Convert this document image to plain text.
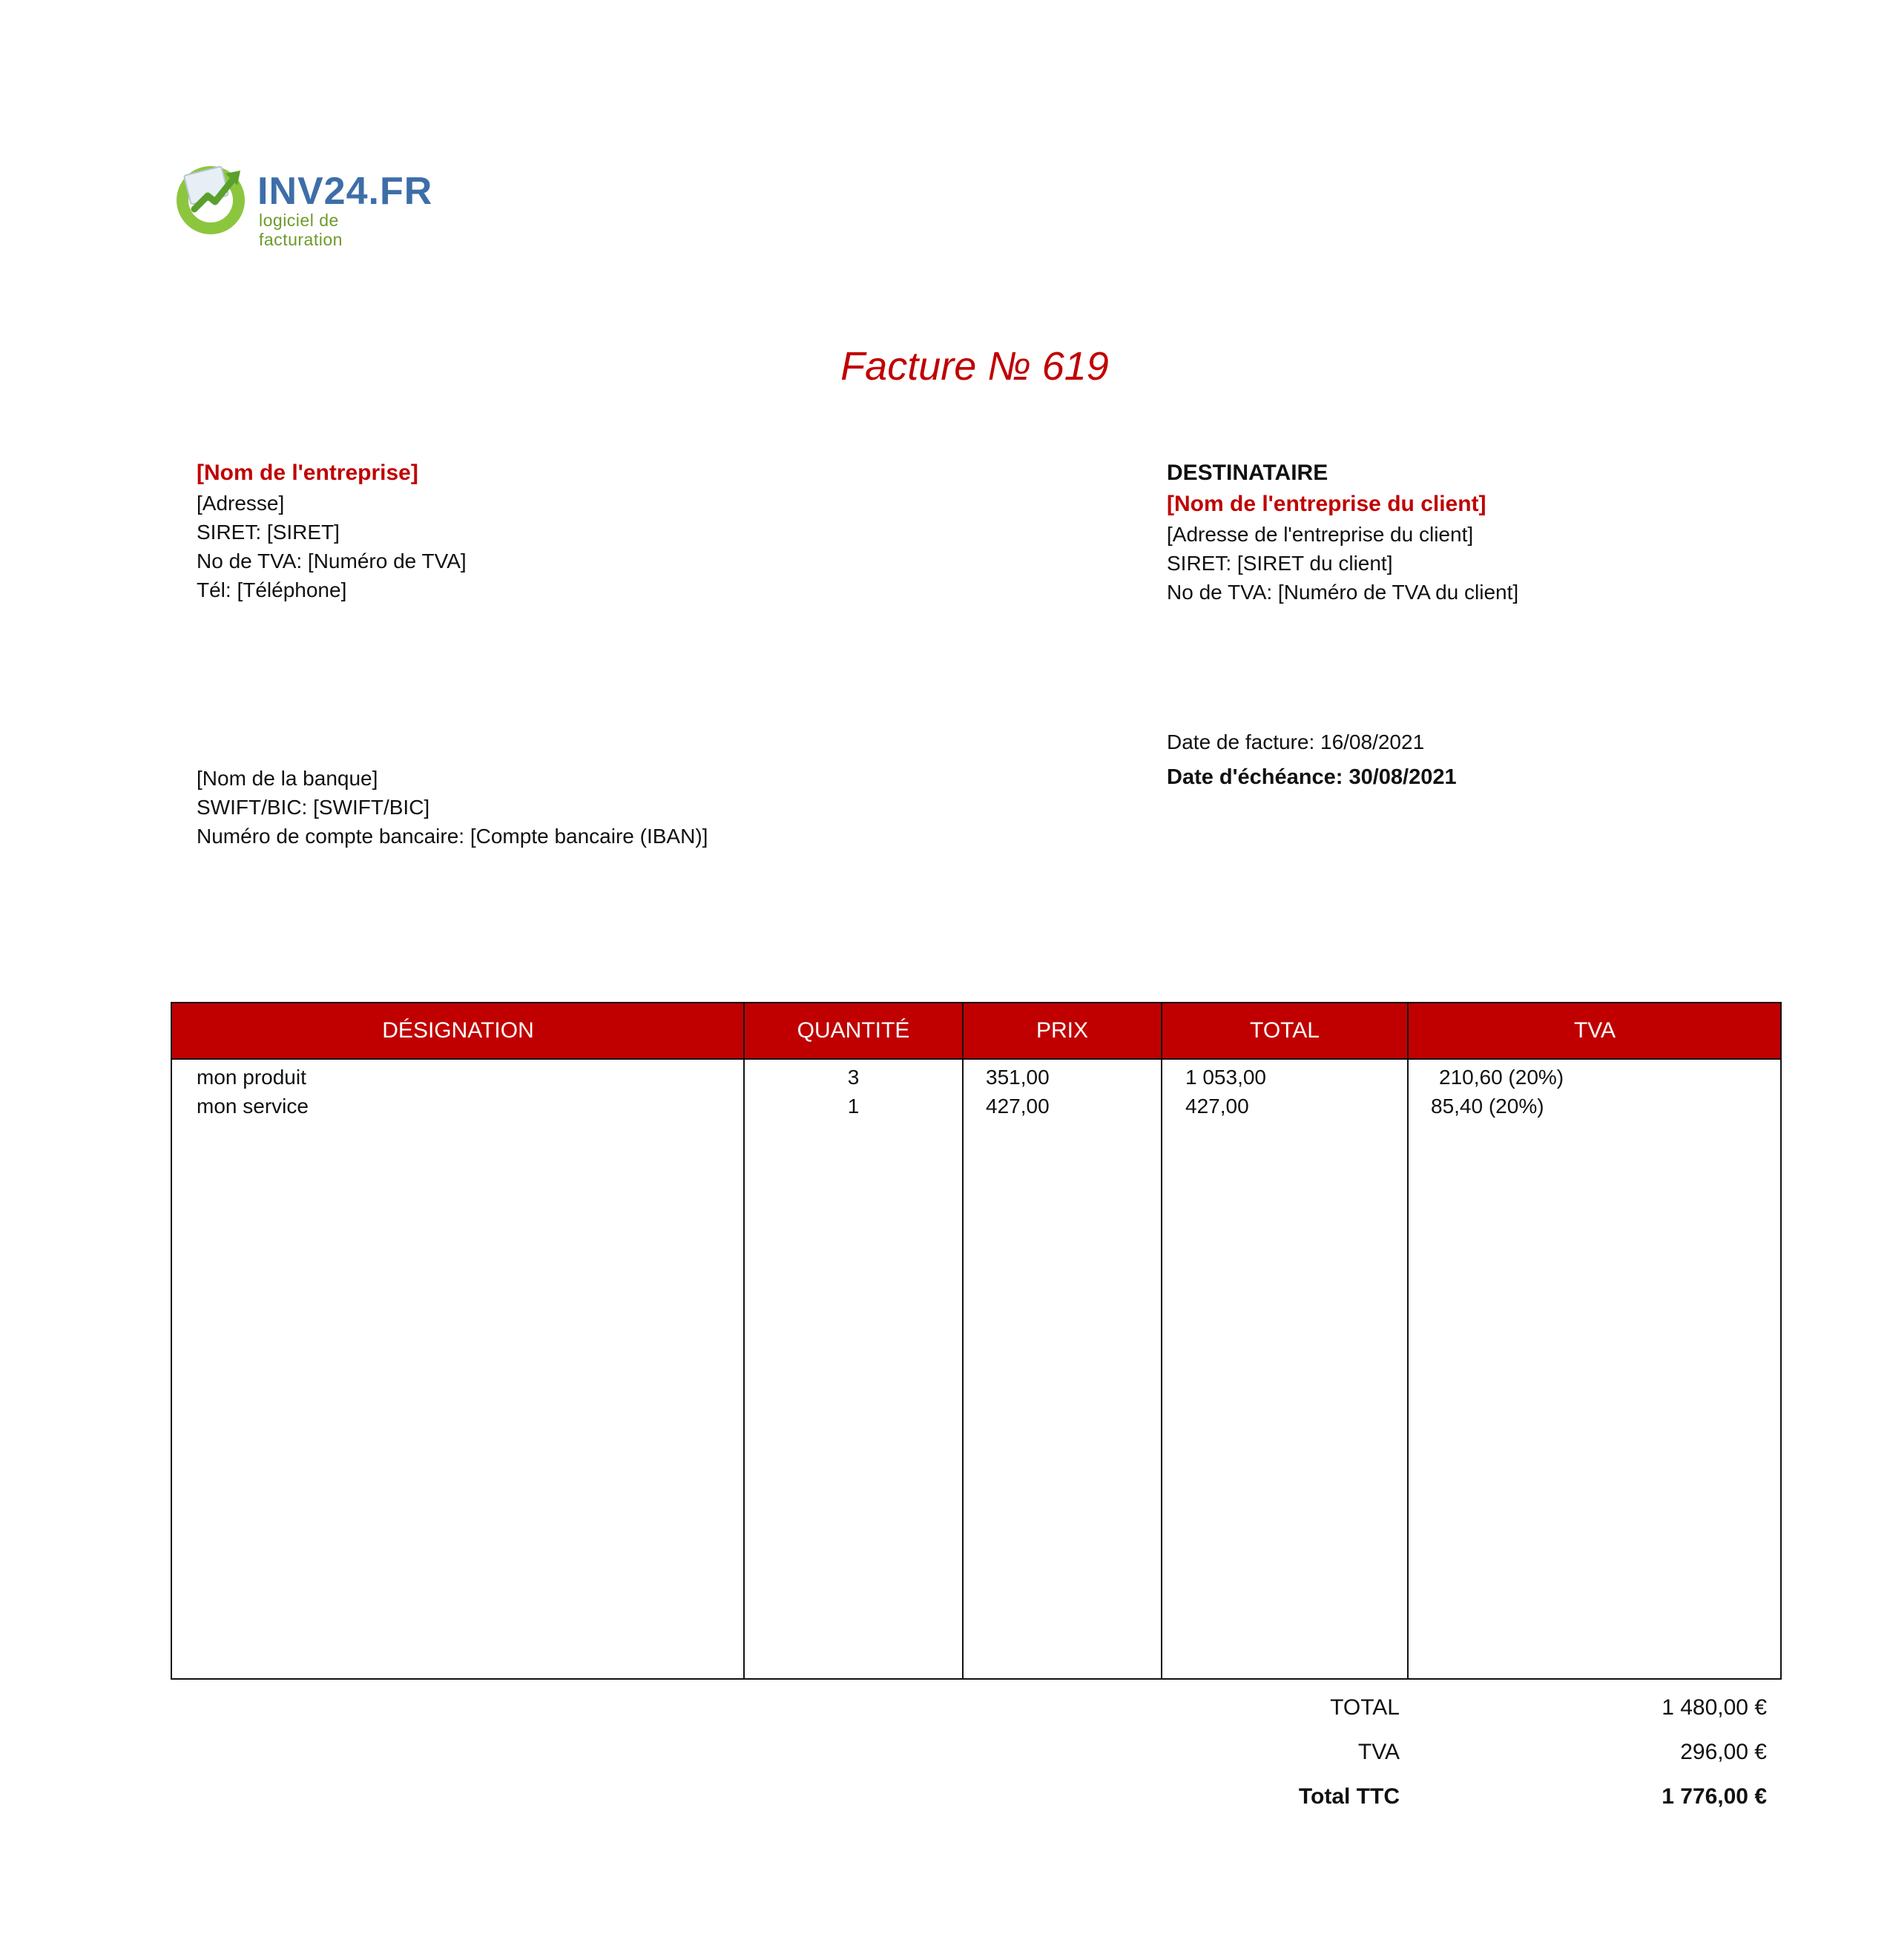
INV24.FR
logiciel de facturation
Facture № 619
[Nom de l'entreprise]
[Adresse]
SIRET: [SIRET]
No de TVA: [Numéro de TVA]
Tél: [Téléphone]
DESTINATAIRE
[Nom de l'entreprise du client]
[Adresse de l'entreprise du client]
SIRET: [SIRET du client]
No de TVA: [Numéro de TVA du client]
[Nom de la banque]
SWIFT/BIC: [SWIFT/BIC]
Numéro de compte bancaire: [Compte bancaire (IBAN)]
Date de facture: 16/08/2021
Date d'échéance: 30/08/2021
DÉSIGNATION	QUANTITÉ	PRIX	TOTAL	TVA
mon produit	3	351,00	1 053,00	210,60 (20%)
mon service	1	427,00	427,00	85,40 (20%)
TOTAL	1 480,00 €
TVA	296,00 €
Total TTC	1 776,00 €
